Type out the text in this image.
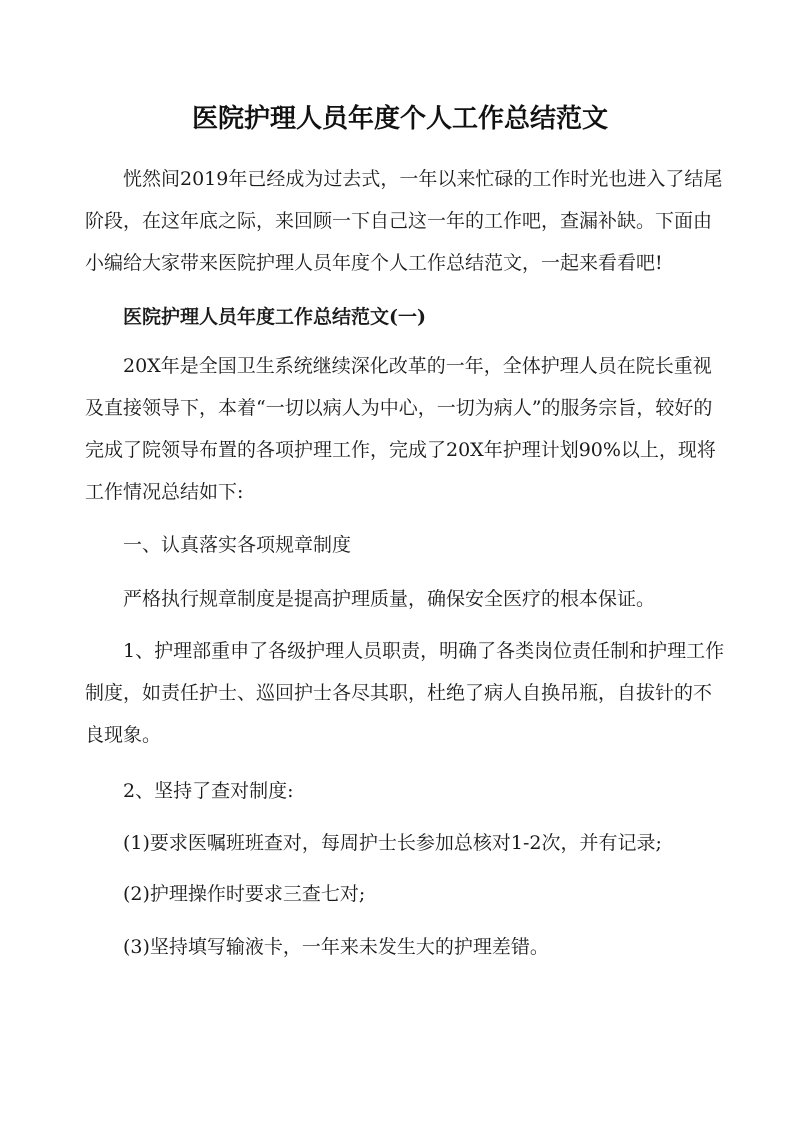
医院护理人员年度个人工作总结范文

恍然间2019年已经成为过去式，一年以来忙碌的工作时光也进入了结尾阶段，在这年底之际，来回顾一下自己这一年的工作吧，查漏补缺。下面由小编给大家带来医院护理人员年度个人工作总结范文，一起来看看吧!

医院护理人员年度工作总结范文(一)

20X年是全国卫生系统继续深化改革的一年，全体护理人员在院长重视及直接领导下，本着“一切以病人为中心，一切为病人”的服务宗旨，较好的完成了院领导布置的各项护理工作，完成了20X年护理计划90%以上，现将工作情况总结如下:

一、认真落实各项规章制度

严格执行规章制度是提高护理质量，确保安全医疗的根本保证。

1、护理部重申了各级护理人员职责，明确了各类岗位责任制和护理工作制度，如责任护士、巡回护士各尽其职，杜绝了病人自换吊瓶，自拔针的不良现象。

2、坚持了查对制度:

(1)要求医嘱班班查对，每周护士长参加总核对1-2次，并有记录;

(2)护理操作时要求三查七对;

(3)坚持填写输液卡，一年来未发生大的护理差错。
